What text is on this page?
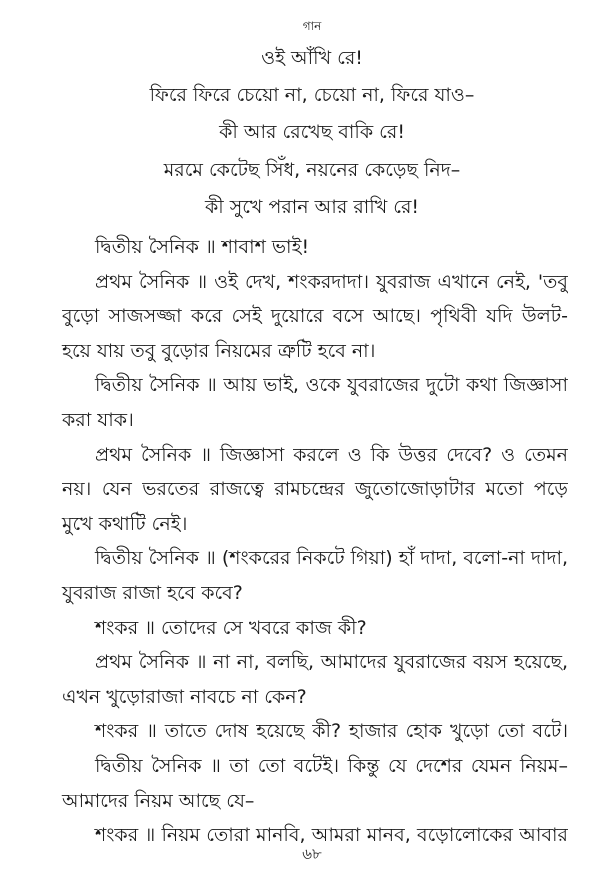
গান
ওই আঁখি রে!
ফিরে ফিরে চেয়ো না, চেয়ো না, ফিরে যাও–
কী আর রেখেছ বাকি রে!
মরমে কেটেছ সিঁধ, নয়নের কেড়েছ নিদ–
কী সুখে পরান আর রাখি রে!
দ্বিতীয় সৈনিক ॥ শাবাশ ভাই!
প্রথম সৈনিক ॥ ওই দেখ, শংকরদাদা। যুবরাজ এখানে নেই, 'তবু
বুড়ো সাজসজ্জা করে সেই দুয়োরে বসে আছে। পৃথিবী যদি উলট-
হয়ে যায় তবু বুড়োর নিয়মের ত্রুটি হবে না।
দ্বিতীয় সৈনিক ॥ আয় ভাই, ওকে যুবরাজের দুটো কথা জিজ্ঞাসা
করা যাক।
প্রথম সৈনিক ॥ জিজ্ঞাসা করলে ও কি উত্তর দেবে? ও তেমন
নয়। যেন ভরতের রাজত্বে রামচন্দ্রের জুতোজোড়াটার মতো পড়ে
মুখে কথাটি নেই।
দ্বিতীয় সৈনিক ॥ (শংকরের নিকটে গিয়া) হাঁ দাদা, বলো-না দাদা,
যুবরাজ রাজা হবে কবে?
শংকর ॥ তোদের সে খবরে কাজ কী?
প্রথম সৈনিক ॥ না না, বলছি, আমাদের যুবরাজের বয়স হয়েছে,
এখন খুড়োরাজা নাবচে না কেন?
শংকর ॥ তাতে দোষ হয়েছে কী? হাজার হোক খুড়ো তো বটে।
দ্বিতীয় সৈনিক ॥ তা তো বটেই। কিন্তু যে দেশের যেমন নিয়ম–
আমাদের নিয়ম আছে যে–
শংকর ॥ নিয়ম তোরা মানবি, আমরা মানব, বড়োলোকের আবার
৬৮
